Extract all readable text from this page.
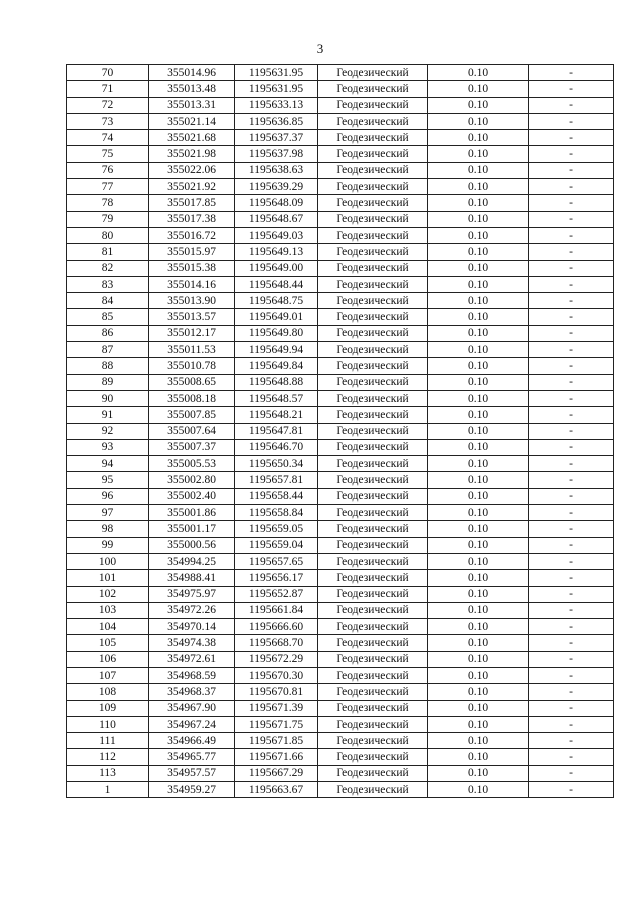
3
70	355014.96	1195631.95	Геодезический	0.10	-
71	355013.48	1195631.95	Геодезический	0.10	-
72	355013.31	1195633.13	Геодезический	0.10	-
73	355021.14	1195636.85	Геодезический	0.10	-
74	355021.68	1195637.37	Геодезический	0.10	-
75	355021.98	1195637.98	Геодезический	0.10	-
76	355022.06	1195638.63	Геодезический	0.10	-
77	355021.92	1195639.29	Геодезический	0.10	-
78	355017.85	1195648.09	Геодезический	0.10	-
79	355017.38	1195648.67	Геодезический	0.10	-
80	355016.72	1195649.03	Геодезический	0.10	-
81	355015.97	1195649.13	Геодезический	0.10	-
82	355015.38	1195649.00	Геодезический	0.10	-
83	355014.16	1195648.44	Геодезический	0.10	-
84	355013.90	1195648.75	Геодезический	0.10	-
85	355013.57	1195649.01	Геодезический	0.10	-
86	355012.17	1195649.80	Геодезический	0.10	-
87	355011.53	1195649.94	Геодезический	0.10	-
88	355010.78	1195649.84	Геодезический	0.10	-
89	355008.65	1195648.88	Геодезический	0.10	-
90	355008.18	1195648.57	Геодезический	0.10	-
91	355007.85	1195648.21	Геодезический	0.10	-
92	355007.64	1195647.81	Геодезический	0.10	-
93	355007.37	1195646.70	Геодезический	0.10	-
94	355005.53	1195650.34	Геодезический	0.10	-
95	355002.80	1195657.81	Геодезический	0.10	-
96	355002.40	1195658.44	Геодезический	0.10	-
97	355001.86	1195658.84	Геодезический	0.10	-
98	355001.17	1195659.05	Геодезический	0.10	-
99	355000.56	1195659.04	Геодезический	0.10	-
100	354994.25	1195657.65	Геодезический	0.10	-
101	354988.41	1195656.17	Геодезический	0.10	-
102	354975.97	1195652.87	Геодезический	0.10	-
103	354972.26	1195661.84	Геодезический	0.10	-
104	354970.14	1195666.60	Геодезический	0.10	-
105	354974.38	1195668.70	Геодезический	0.10	-
106	354972.61	1195672.29	Геодезический	0.10	-
107	354968.59	1195670.30	Геодезический	0.10	-
108	354968.37	1195670.81	Геодезический	0.10	-
109	354967.90	1195671.39	Геодезический	0.10	-
110	354967.24	1195671.75	Геодезический	0.10	-
111	354966.49	1195671.85	Геодезический	0.10	-
112	354965.77	1195671.66	Геодезический	0.10	-
113	354957.57	1195667.29	Геодезический	0.10	-
1	354959.27	1195663.67	Геодезический	0.10	-
